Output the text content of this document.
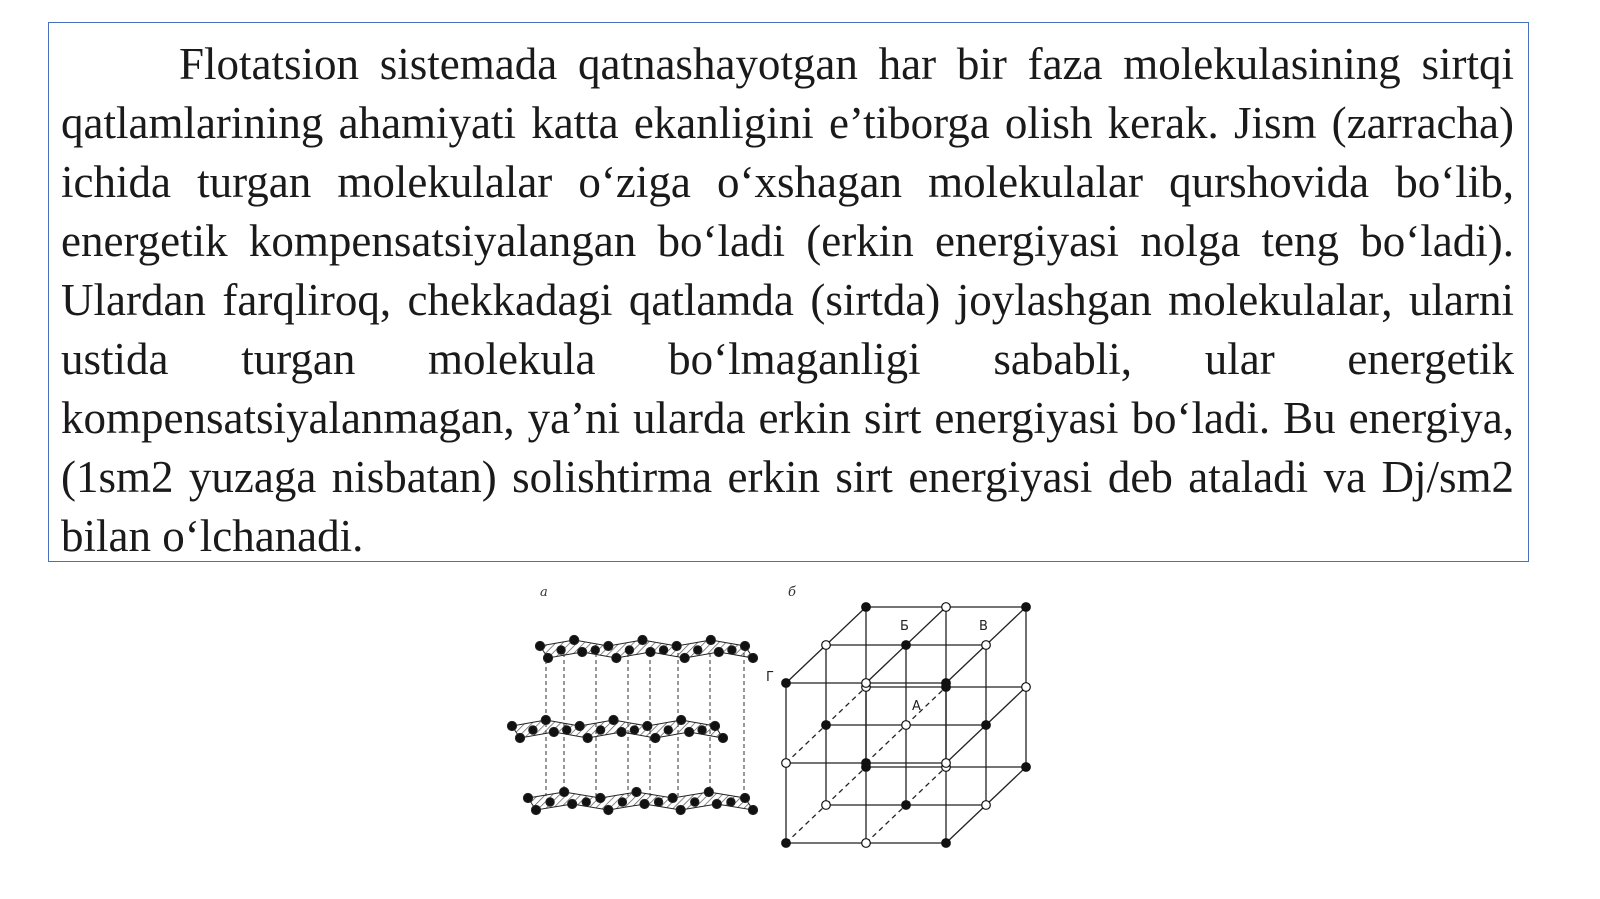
Flotatsion sistemada qatnashayotgan har bir faza molekulasining sirtqi qatlamlarining ahamiyati katta ekanligini e’tiborga olish kerak. Jism (zarracha) ichida turgan molekulalar o‘ziga o‘xshagan molekulalar qurshovida bo‘lib, energetik kompensatsiyalangan bo‘ladi (erkin energiyasi nolga teng bo‘ladi). Ulardan farqliroq, chekkadagi qatlamda (sirtda) joylashgan molekulalar, ularni ustida turgan molekula bo‘lmaganligi sababli, ular energetik kompensatsiyalanmagan, ya’ni ularda erkin sirt energiyasi bo‘ladi. Bu energiya, (1sm2 yuzaga nisbatan) solishtirma erkin sirt energiyasi deb ataladi va Dj/sm2 bilan o‘lchanadi.

а	б
Б	В
Г
А
